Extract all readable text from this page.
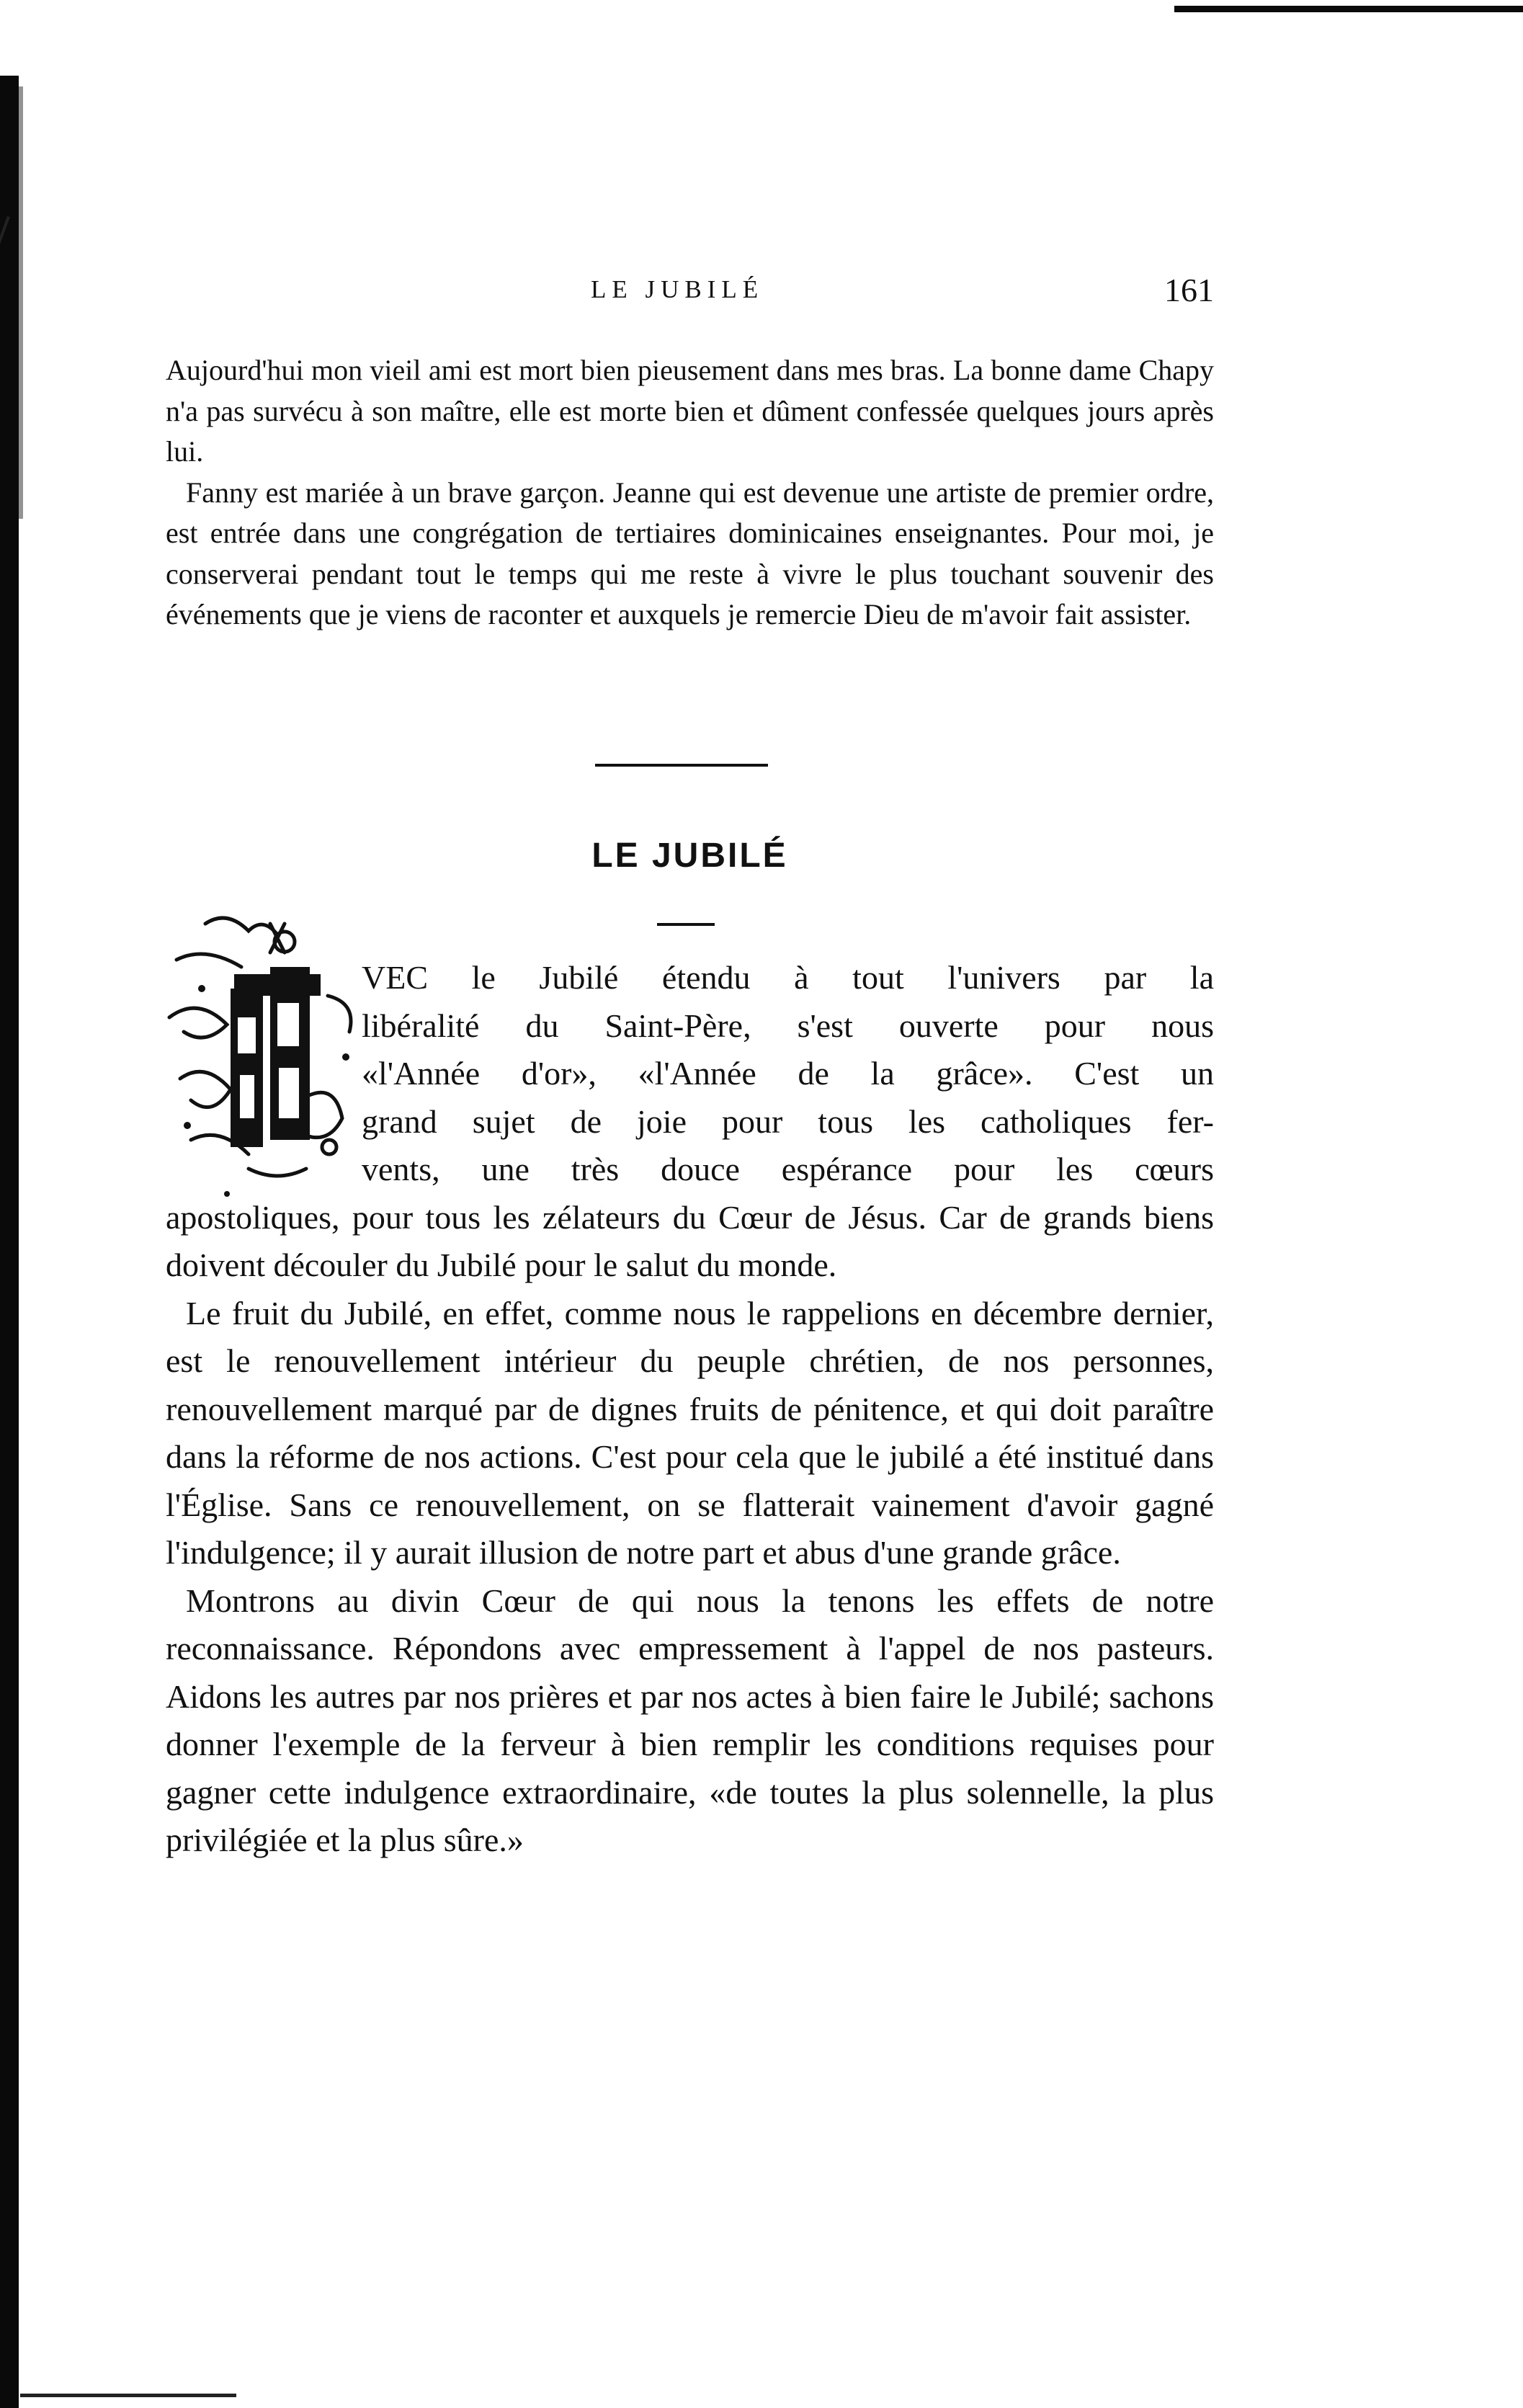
LE JUBILÉ	161

Aujourd'hui mon vieil ami est mort bien pieusement dans mes bras. La bonne dame Chapy n'a pas survécu à son maître, elle est morte bien et dûment confessée quelques jours après lui.

Fanny est mariée à un brave garçon. Jeanne qui est devenue une artiste de premier ordre, est entrée dans une congrégation de tertiaires dominicaines enseignantes. Pour moi, je conserverai pendant tout le temps qui me reste à vivre le plus touchant souvenir des événements que je viens de raconter et auxquels je remercie Dieu de m'avoir fait assister.

LE JUBILÉ

VEC le Jubilé étendu à tout l'univers par la
libéralité du Saint-Père, s'est ouverte pour nous
«l'Année d'or», «l'Année de la grâce». C'est un
grand sujet de joie pour tous les catholiques fer-
vents, une très douce espérance pour les cœurs
apostoliques, pour tous les zélateurs du Cœur de Jésus. Car de grands biens doivent découler du Jubilé pour le salut du monde.

Le fruit du Jubilé, en effet, comme nous le rappelions en décembre dernier, est le renouvellement intérieur du peuple chrétien, de nos personnes, renouvellement marqué par de dignes fruits de pénitence, et qui doit paraître dans la réforme de nos actions. C'est pour cela que le jubilé a été institué dans l'Église. Sans ce renouvellement, on se flatterait vainement d'avoir gagné l'indulgence; il y aurait illusion de notre part et abus d'une grande grâce.

Montrons au divin Cœur de qui nous la tenons les effets de notre reconnaissance. Répondons avec empressement à l'appel de nos pasteurs. Aidons les autres par nos prières et par nos actes à bien faire le Jubilé; sachons donner l'exemple de la ferveur à bien remplir les conditions requises pour gagner cette indulgence extraordinaire, «de toutes la plus solennelle, la plus privilégiée et la plus sûre.»
